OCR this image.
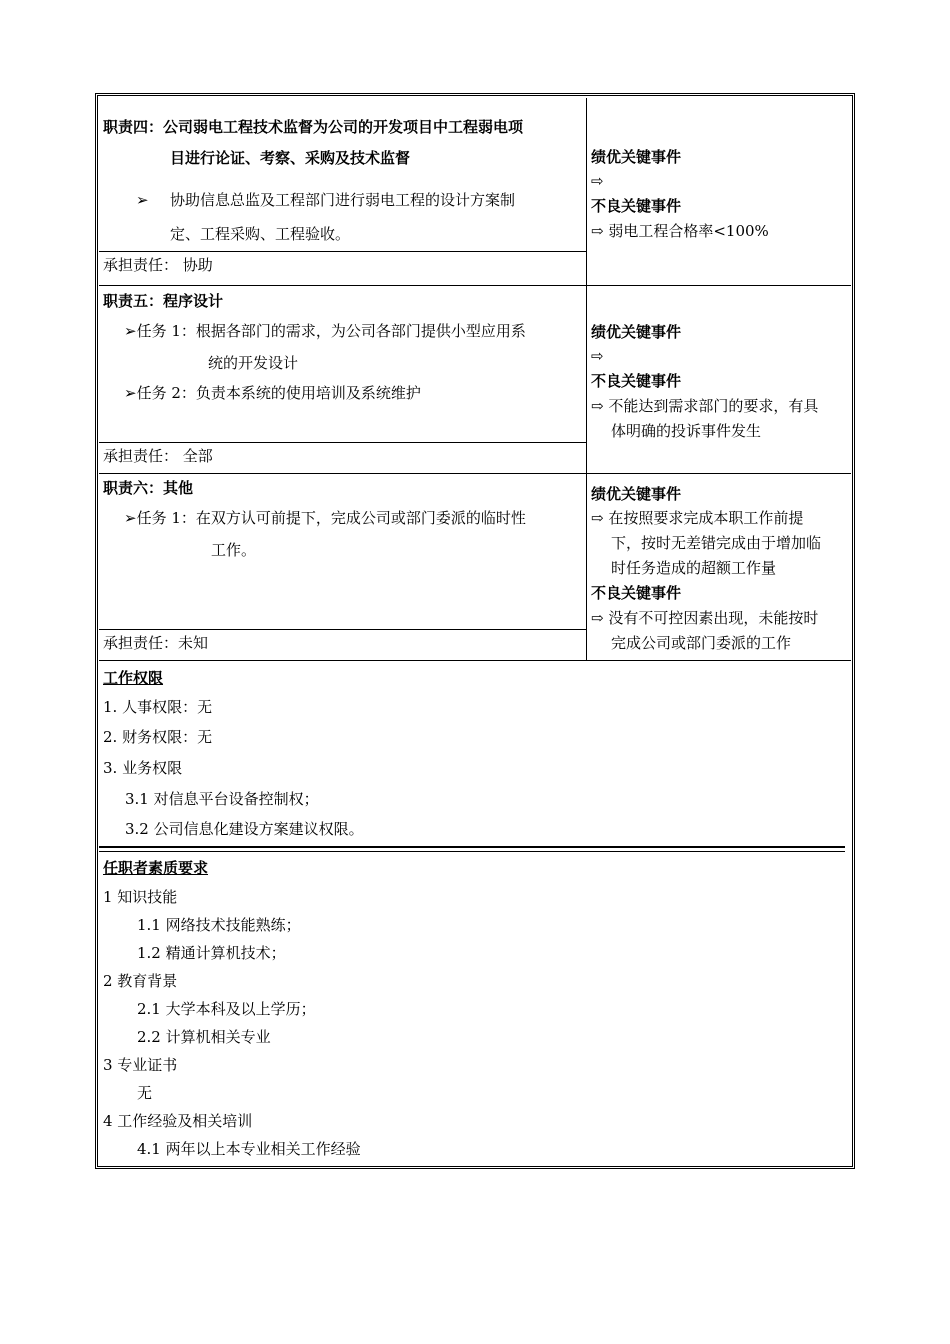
职责四：公司弱电工程技术监督为公司的开发项目中工程弱电项
目进行论证、考察、采购及技术监督
➢ 协助信息总监及工程部门进行弱电工程的设计方案制
定、工程采购、工程验收。
承担责任： 协助
绩优关键事件
⇨
不良关键事件
⇨ 弱电工程合格率<100%
职责五：程序设计
➢任务 1：根据各部门的需求，为公司各部门提供小型应用系
统的开发设计
➢任务 2：负责本系统的使用培训及系统维护
承担责任： 全部
绩优关键事件
⇨
不良关键事件
⇨ 不能达到需求部门的要求，有具
体明确的投诉事件发生
职责六：其他
➢任务 1：在双方认可前提下，完成公司或部门委派的临时性
工作。
承担责任：未知
绩优关键事件
⇨ 在按照要求完成本职工作前提
下，按时无差错完成由于增加临
时任务造成的超额工作量
不良关键事件
⇨ 没有不可控因素出现，未能按时
完成公司或部门委派的工作
工作权限
1. 人事权限：无
2. 财务权限：无
3. 业务权限
3.1 对信息平台设备控制权；
3.2 公司信息化建设方案建议权限。
任职者素质要求
1 知识技能
1.1 网络技术技能熟练；
1.2 精通计算机技术；
2 教育背景
2.1 大学本科及以上学历；
2.2 计算机相关专业
3 专业证书
无
4 工作经验及相关培训
4.1 两年以上本专业相关工作经验
